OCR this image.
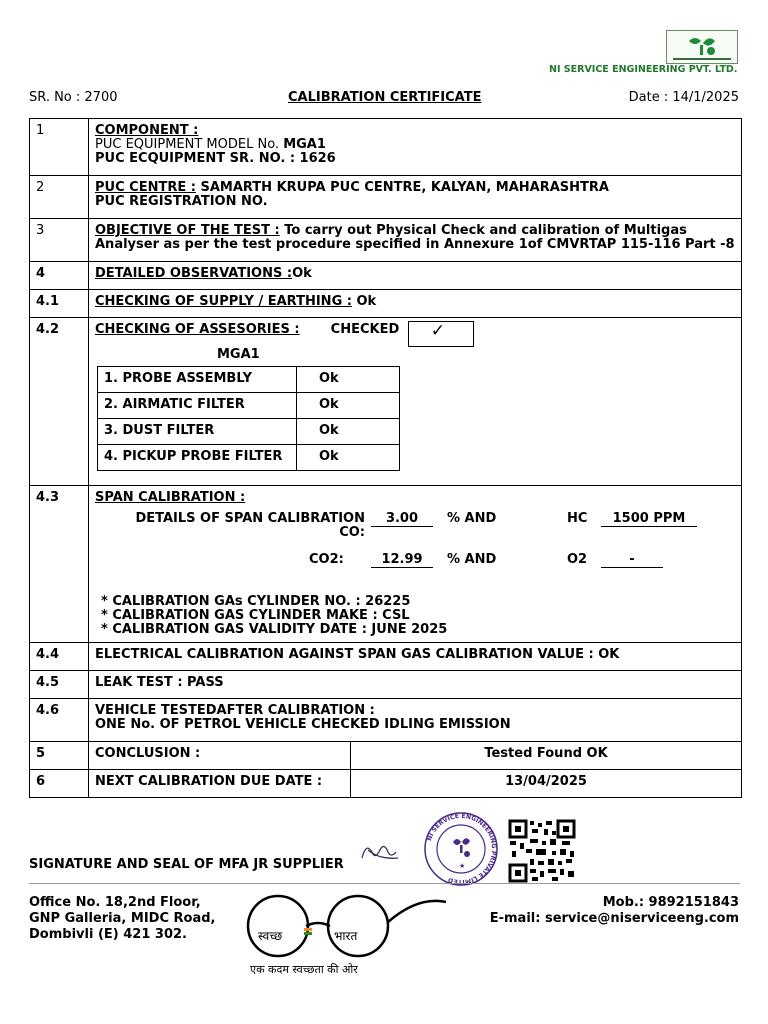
NI SERVICE ENGINEERING PVT. LTD.
SR. No : 2700	CALIBRATION CERTIFICATE	Date : 14/1/2025
1	COMPONENT :
PUC EQUIPMENT MODEL No. MGA1
PUC ECQUIPMENT SR. NO. : 1626

2	PUC CENTRE : SAMARTH KRUPA PUC CENTRE, KALYAN, MAHARASHTRA
PUC REGISTRATION NO.

3	OBJECTIVE OF THE TEST : To carry out Physical Check and calibration of Multigas Analyser as per the test procedure specified in Annexure 1of CMVRTAP 115-116 Part -8
4	DETAILED OBSERVATIONS :Ok
4.1	CHECKING OF SUPPLY / EARTHING : Ok
4.2	CHECKING OF ASSESORIES : CHECKED ✓
MGA1
1. PROBE ASSEMBLY	Ok
2. AIRMATIC FILTER	Ok
3. DUST FILTER	Ok
4. PICKUP PROBE FILTER	Ok

4.3	SPAN CALIBRATION :
DETAILS OF SPAN CALIBRATION CO:
3.00	% AND	HC	1500 PPM
CO2:	12.99	% AND	O2	-
* CALIBRATION GAs CYLINDER NO. : 26225
* CALIBRATION GAS CYLINDER MAKE : CSL
* CALIBRATION GAS VALIDITY DATE : JUNE 2025

4.4	ELECTRICAL CALIBRATION AGAINST SPAN GAS CALIBRATION VALUE : OK
4.5	LEAK TEST : PASS
4.6	VEHICLE TESTEDAFTER CALIBRATION :
ONE No. OF PETROL VEHICLE CHECKED IDLING EMISSION

5	CONCLUSION :	Tested Found OK
6	NEXT CALIBRATION DUE DATE :	13/04/2025
SIGNATURE AND SEAL OF MFA JR SUPPLIER
NI SERVICE ENGINEERING PRIVATE LIMITED
★
Office No. 18,2nd Floor,
GNP Galleria, MIDC Road,
Dombivli (E) 421 302.	स्वच्छ	भारत
एक कदम स्वच्छता की ओर
Mob.: 9892151843
E-mail: service@niserviceeng.com
